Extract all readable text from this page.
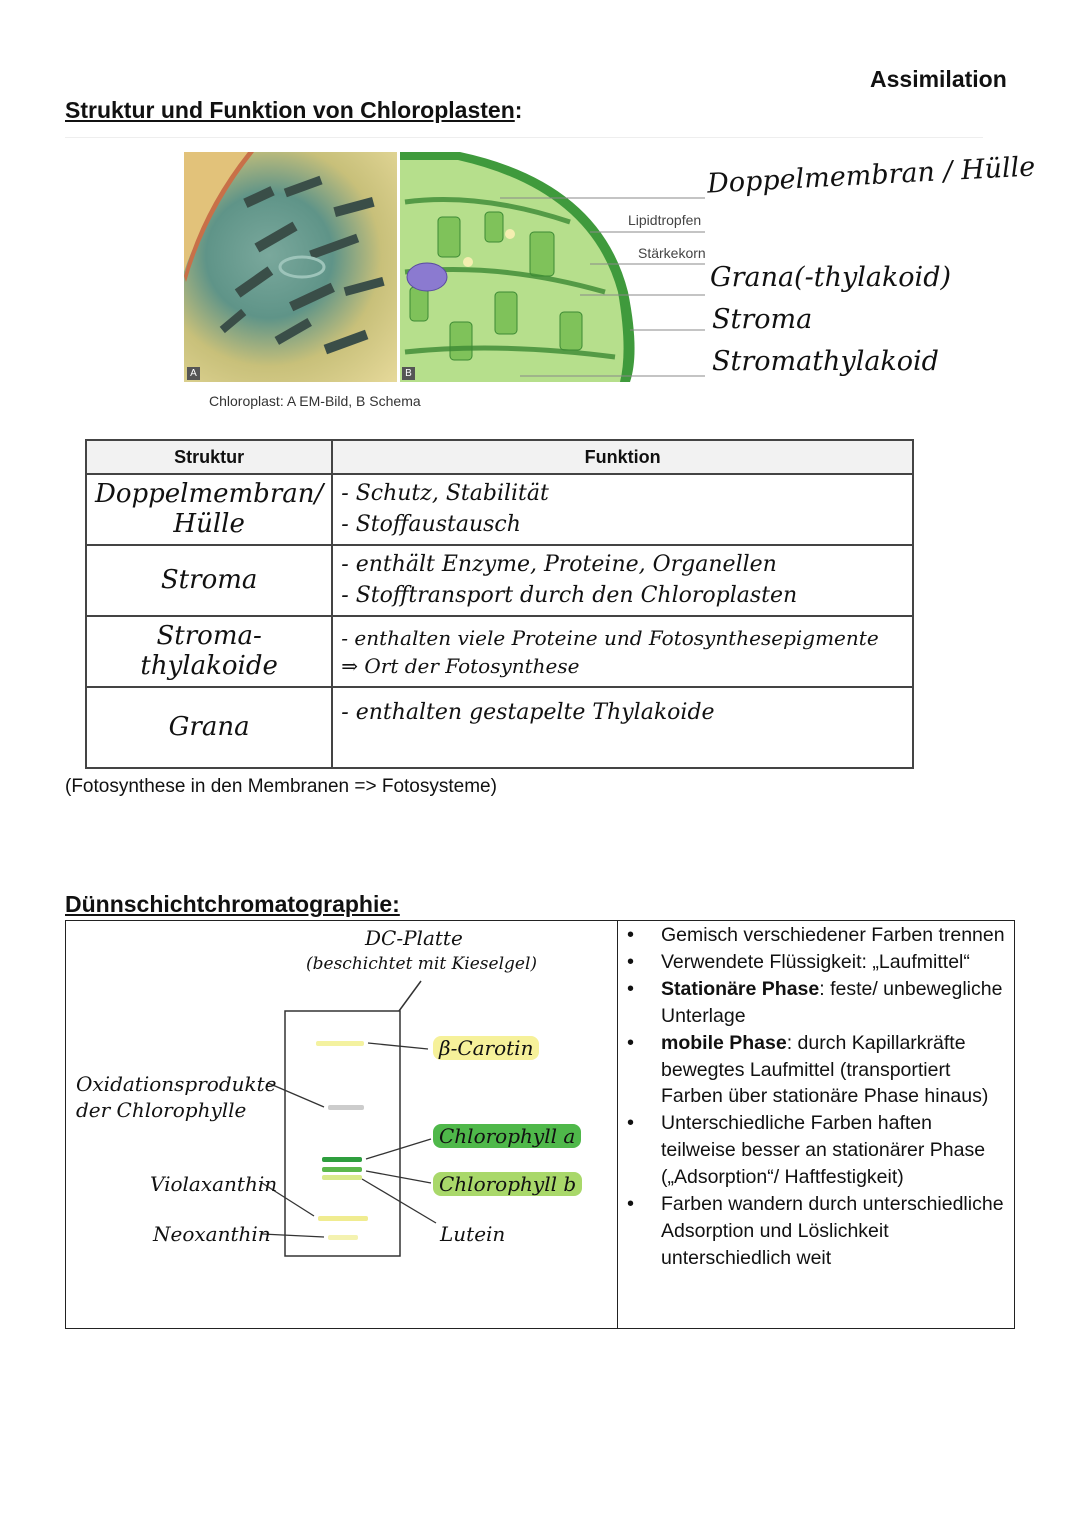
Assimilation
Struktur und Funktion von Chloroplasten:
A	B
Lipidtropfen
Stärkekorn
Chloroplast: A EM-Bild, B Schema
Doppelmembran / Hülle
Grana(-thylakoid)
Stroma
Stromathylakoid
Struktur	Funktion
Doppelmembran/
Hülle	- Schutz, Stabilität
- Stoffaustausch
Stroma	- enthält Enzyme, Proteine, Organellen
- Stofftransport durch den Chloroplasten
Stroma-
thylakoide	- enthalten viele Proteine und Fotosynthesepigmente
⇒ Ort der Fotosynthese
Grana	- enthalten gestapelte Thylakoide
(Fotosynthese in den Membranen => Fotosysteme)
Dünnschichtchromatographie:
DC-Platte
(beschichtet mit Kieselgel)
Oxidationsprodukte
der Chlorophylle
Violaxanthin
Neoxanthin
β-Carotin
Chlorophyll a
Chlorophyll b
Lutein
• Gemisch verschiedener Farben trennen
• Verwendete Flüssigkeit: „Laufmittel“
• Stationäre Phase: feste/ unbewegliche Unterlage
• mobile Phase: durch Kapillarkräfte bewegtes Laufmittel (transportiert Farben über stationäre Phase hinaus)
• Unterschiedliche Farben haften teilweise besser an stationärer Phase („Adsorption“/ Haftfestigkeit)
• Farben wandern durch unterschiedliche Adsorption und Löslichkeit unterschiedlich weit
